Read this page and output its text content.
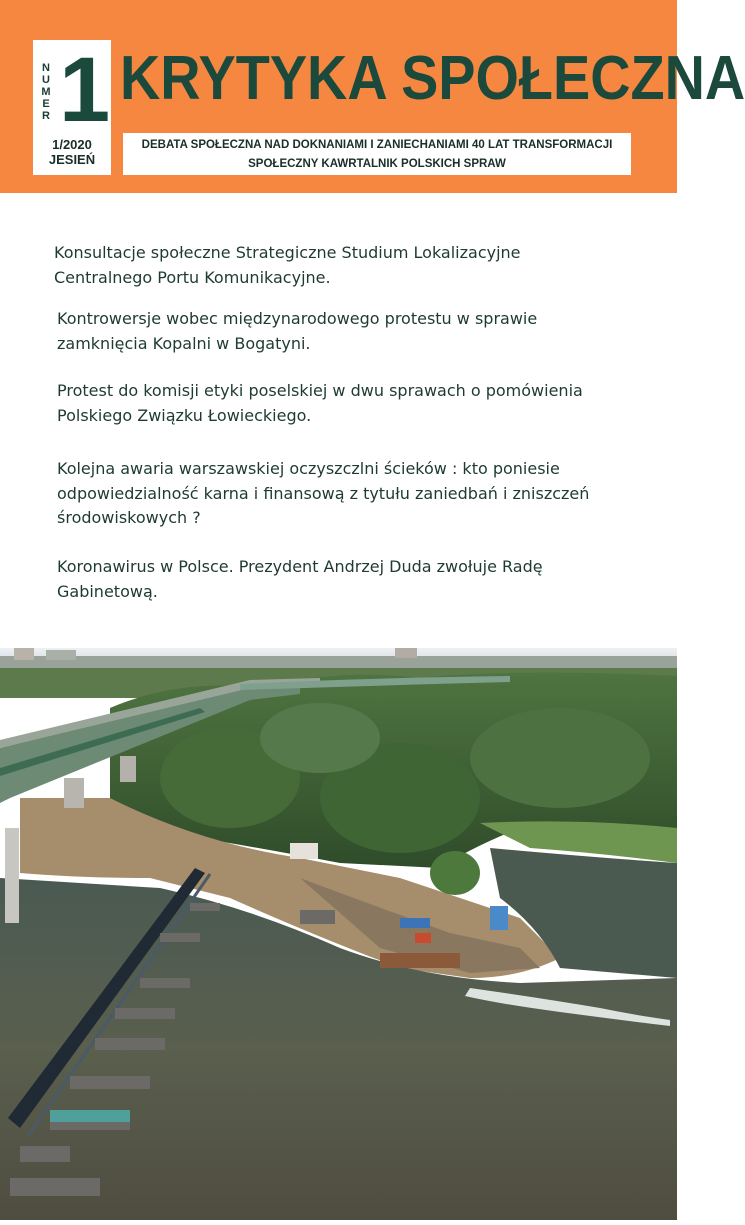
NUMER 1
1/2020
JESIEŃ
KRYTYKA SPOŁECZNA
DEBATA SPOŁECZNA NAD DOKNANIAMI I ZANIECHANIAMI 40 LAT TRANSFORMACJI
SPOŁECZNY KAWRTALNIK POLSKICH SPRAW
Konsultacje społeczne Strategiczne Studium Lokalizacyjne
Centralnego Portu Komunikacyjne.
Kontrowersje wobec międzynarodowego protestu w sprawie
zamknięcia Kopalni w Bogatyni.
Protest do komisji etyki poselskiej w dwu sprawach o pomówienia
Polskiego Związku Łowieckiego.
Kolejna awaria warszawskiej oczyszczlni ścieków : kto poniesie
odpowiedzialność karna i finansową z tytułu zaniedbań i zniszczeń
środowiskowych ?
Koronawirus w Polsce. Prezydent Andrzej Duda zwołuje Radę
Gabinetową.
